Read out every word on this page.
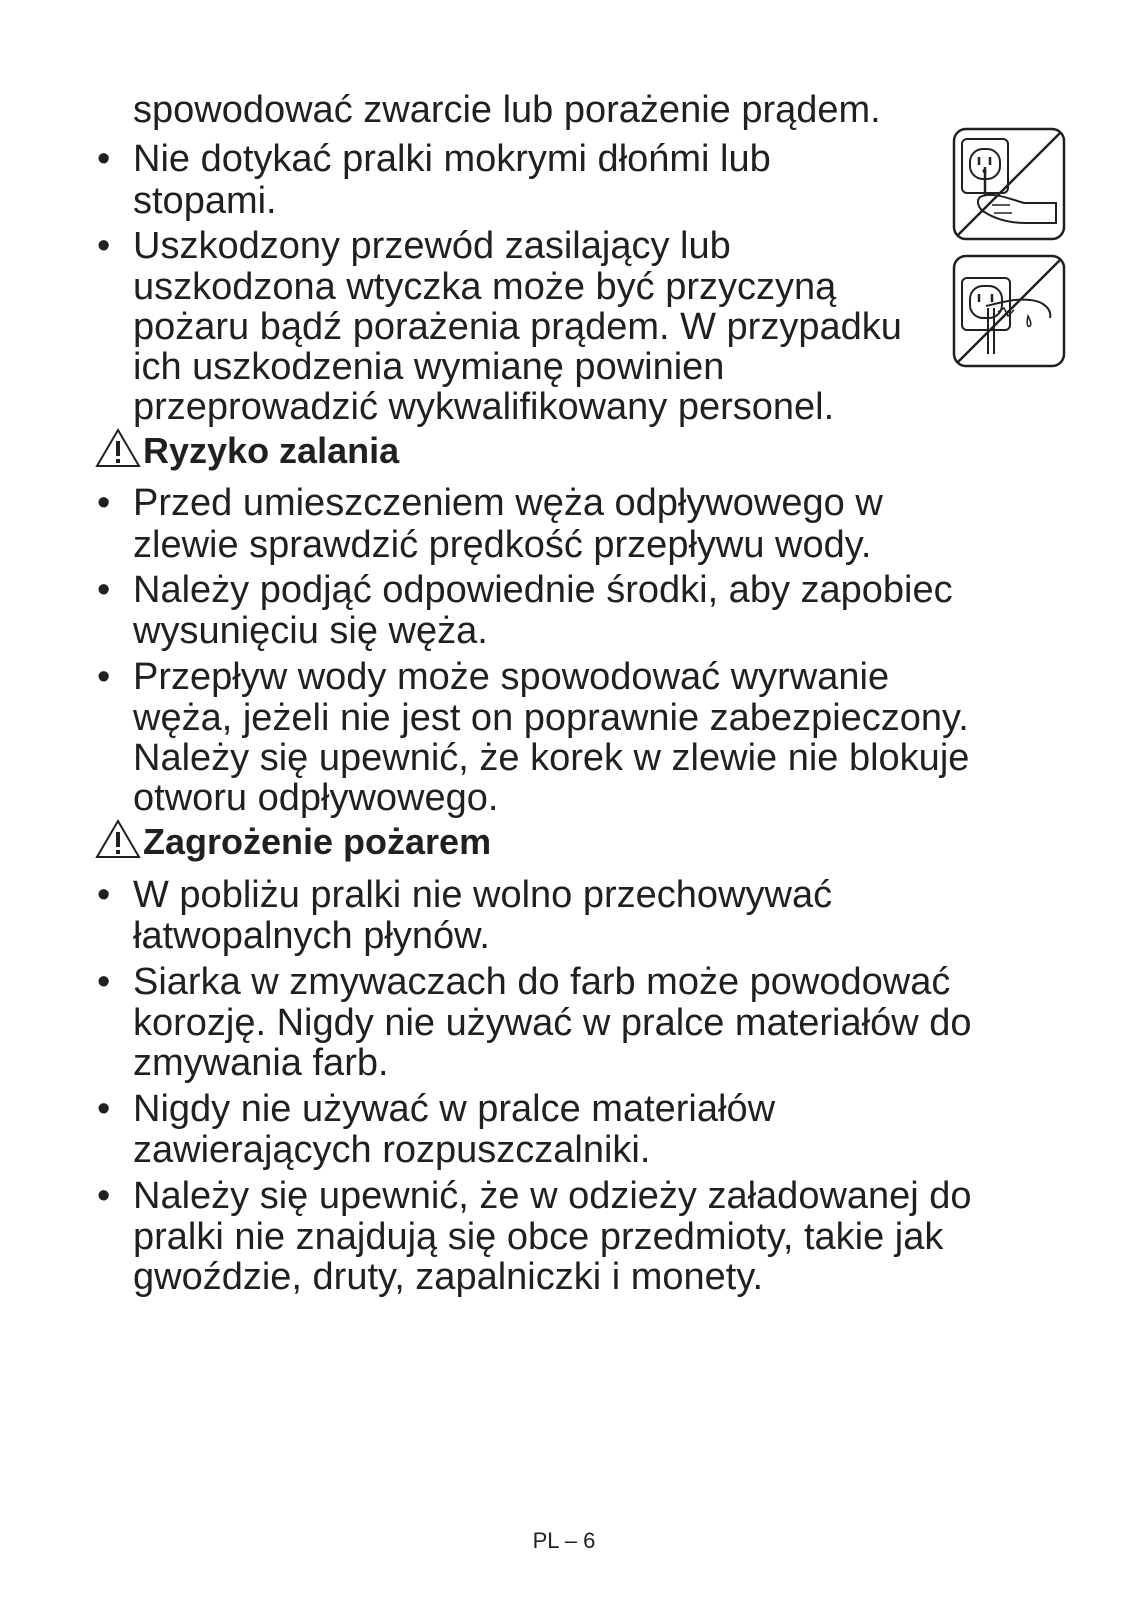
spowodować zwarcie lub porażenie prądem.
• Nie dotykać pralki mokrymi dłońmi lub
stopami.
• Uszkodzony przewód zasilający lub
uszkodzona wtyczka może być przyczyną
pożaru bądź porażenia prądem. W przypadku
ich uszkodzenia wymianę powinien
przeprowadzić wykwalifikowany personel.
Ryzyko zalania
• Przed umieszczeniem węża odpływowego w
zlewie sprawdzić prędkość przepływu wody.
• Należy podjąć odpowiednie środki, aby zapobiec
wysunięciu się węża.
• Przepływ wody może spowodować wyrwanie
węża, jeżeli nie jest on poprawnie zabezpieczony.
Należy się upewnić, że korek w zlewie nie blokuje
otworu odpływowego.
Zagrożenie pożarem
• W pobliżu pralki nie wolno przechowywać
łatwopalnych płynów.
• Siarka w zmywaczach do farb może powodować
korozję. Nigdy nie używać w pralce materiałów do
zmywania farb.
• Nigdy nie używać w pralce materiałów
zawierających rozpuszczalniki.
• Należy się upewnić, że w odzieży załadowanej do
pralki nie znajdują się obce przedmioty, takie jak
gwoździe, druty, zapalniczki i monety.
PL – 6
